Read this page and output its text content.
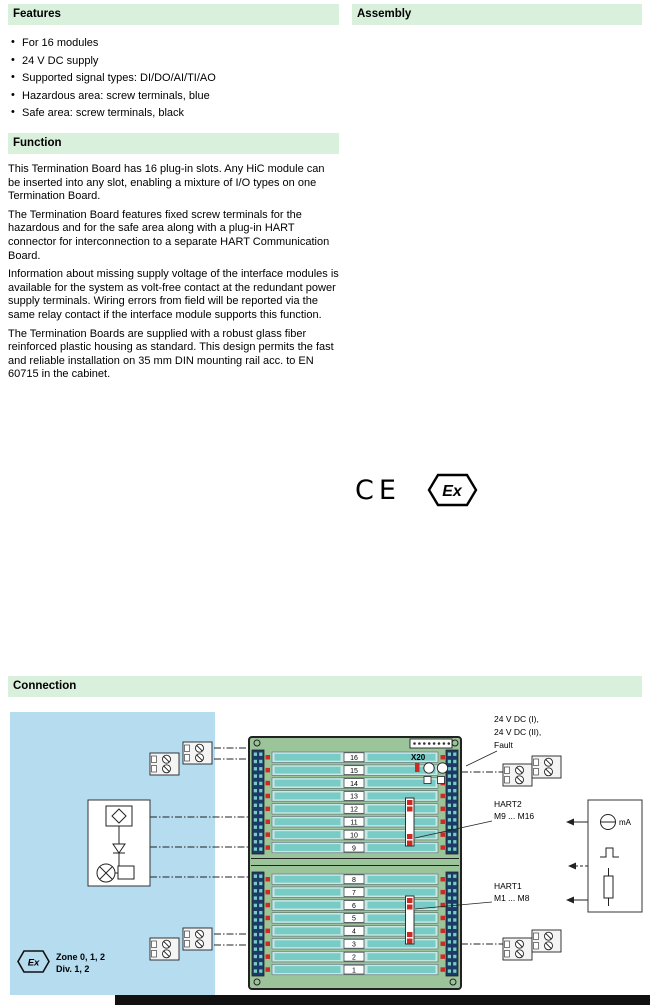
Features
• For 16 modules
• 24 V DC supply
• Supported signal types: DI/DO/AI/TI/AO
• Hazardous area: screw terminals, blue
• Safe area: screw terminals, black
Function

This Termination Board has 16 plug-in slots. Any HiC module can be inserted into any slot, enabling a mixture of I/O types on one Termination Board.

The Termination Board features fixed screw terminals for the hazardous and for the safe area along with a plug-in HART connector for interconnection to a separate HART Communication Board.

Information about missing supply voltage of the interface modules is available for the system as volt-free contact at the redundant power supply terminals. Wiring errors from field will be reported via the same relay contact if the interface module supports this function.

The Termination Boards are supplied with a robust glass fiber reinforced plastic housing as standard. This design permits the fast and reliable installation on 35 mm DIN mounting rail acc. to EN 60715 in the cabinet.

Assembly
CE	Ex
Connection
16
15
14
13
12
11
10
9
8
7
6
5
4
3
2
1
X20
Ex
Zone 0, 1, 2
Div. 1, 2
24 V DC (I),
24 V DC (II),
Fault
HART2
M9 ... M16
HART1
M1 ... M8
mA
